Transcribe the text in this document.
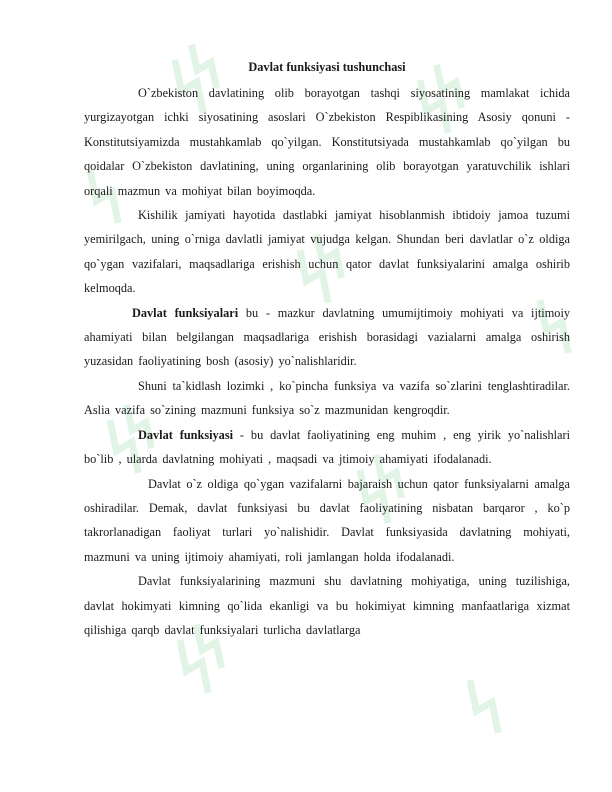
Davlat funksiyasi tushunchasi

O`zbekiston davlatining olib borayotgan tashqi siyosatining mamlakat ichida yurgizayotgan ichki siyosatining asoslari O`zbekiston Respiblikasining Asosiy qonuni - Konstitutsiyamizda mustahkamlab qo`yilgan. Konstitutsiyada mustahkamlab qo`yilgan bu qoidalar O`zbekiston davlatining, uning organlarining olib borayotgan yaratuvchilik ishlari orqali mazmun va mohiyat bilan boyimoqda.

Kishilik jamiyati hayotida dastlabki jamiyat hisoblanmish ibtidoiy jamoa tuzumi yemirilgach, uning o`rniga davlatli jamiyat vujudga kelgan. Shundan beri davlatlar o`z oldiga qo`ygan vazifalari, maqsadlariga erishish uchun qator davlat funksiyalarini amalga oshirib kelmoqda.

Davlat funksiyalari bu - mazkur davlatning umumijtimoiy mohiyati va ijtimoiy ahamiyati bilan belgilangan maqsadlariga erishish borasidagi vazialarni amalga oshirish yuzasidan faoliyatining bosh (asosiy) yo`nalishlaridir.

Shuni ta`kidlash lozimki , ko`pincha funksiya va vazifa so`zlarini tenglashtiradilar. Aslia vazifa so`zining mazmuni funksiya so`z mazmunidan kengroqdir.

Davlat funksiyasi - bu davlat faoliyatining eng muhim , eng yirik yo`nalishlari bo`lib , ularda davlatning mohiyati , maqsadi va jtimoiy ahamiyati ifodalanadi.

Davlat o`z oldiga qo`ygan vazifalarni bajaraish uchun qator funksiyalarni amalga oshiradilar. Demak, davlat funksiyasi bu davlat faoliyatining nisbatan barqaror , ko`p takrorlanadigan faoliyat turlari yo`nalishidir. Davlat funksiyasida davlatning mohiyati, mazmuni va uning ijtimoiy ahamiyati, roli jamlangan holda ifodalanadi.

Davlat funksiyalarining mazmuni shu davlatning mohiyatiga, uning tuzilishiga, davlat hokimyati kimning qo`lida ekanligi va bu hokimiyat kimning manfaatlariga xizmat qilishiga qarqb davlat funksiyalari turlicha davlatlarga
